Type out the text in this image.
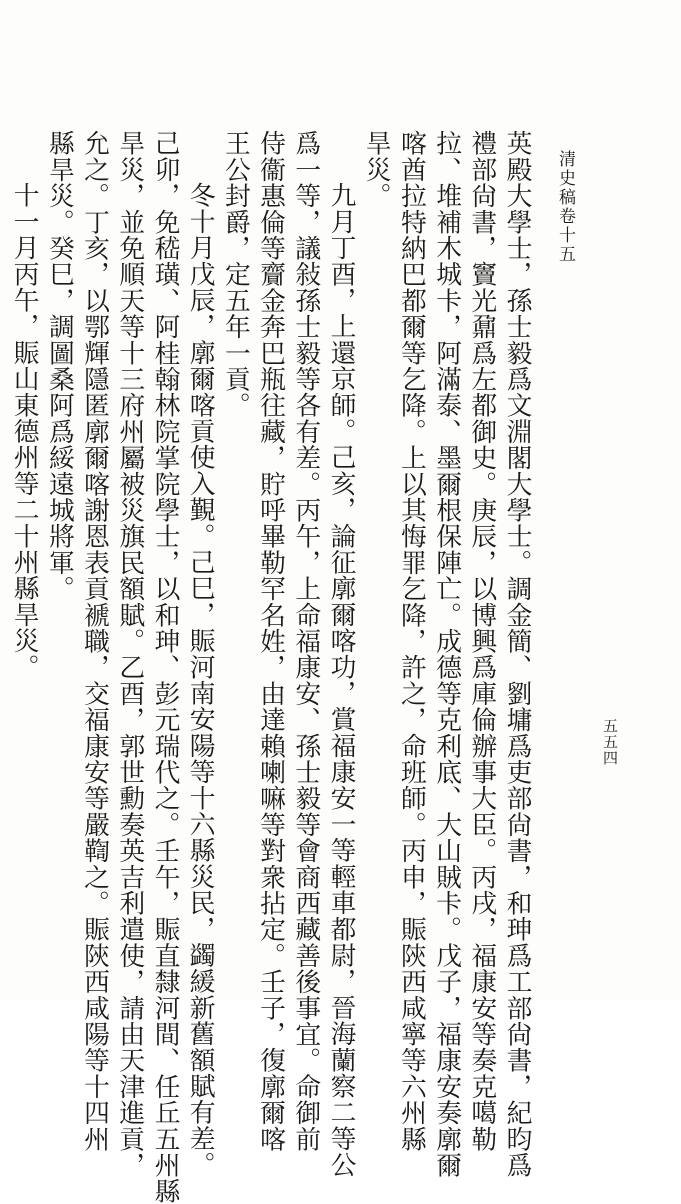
清史稿卷十五
五五四
英殿大學士，孫士毅爲文淵閣大學士。調金簡、劉墉爲吏部尙書，和珅爲工部尙書，紀昀爲
禮部尙書，竇光鼐爲左都御史。庚辰，以博興爲庫倫辦事大臣。丙戌，福康安等奏克噶勒
拉、堆補木城卡，阿滿泰、墨爾根保陣亡。成德等克利底、大山賊卡。戊子，福康安奏廓爾
喀酋拉特納巴都爾等乞降。上以其悔罪乞降，許之，命班師。丙申，賑陝西咸寧等六州縣
旱災。
九月丁酉，上還京師。己亥，論征廓爾喀功，賞福康安一等輕車都尉，晉海蘭察二等公
爲一等，議敍孫士毅等各有差。丙午，上命福康安、孫士毅等會商西藏善後事宜。命御前
侍衞惠倫等齎金奔巴瓶往藏，貯呼畢勒罕名姓，由達賴喇嘛等對衆拈定。壬子，復廓爾喀
王公封爵，定五年一貢。
冬十月戊辰，廓爾喀貢使入覲。己巳，賑河南安陽等十六縣災民，蠲緩新舊額賦有差。
己卯，免嵇璜、阿桂翰林院掌院學士，以和珅、彭元瑞代之。壬午，賑直隸河間、任丘五州縣
旱災，並免順天等十三府州屬被災旗民額賦。乙酉，郭世勳奏英吉利遣使，請由天津進貢，
允之。丁亥，以鄂輝隱匿廓爾喀謝恩表貢褫職，交福康安等嚴鞫之。賑陝西咸陽等十四州
縣旱災。癸巳，調圖桑阿爲綏遠城將軍。
十一月丙午，賑山東德州等二十州縣旱災。
